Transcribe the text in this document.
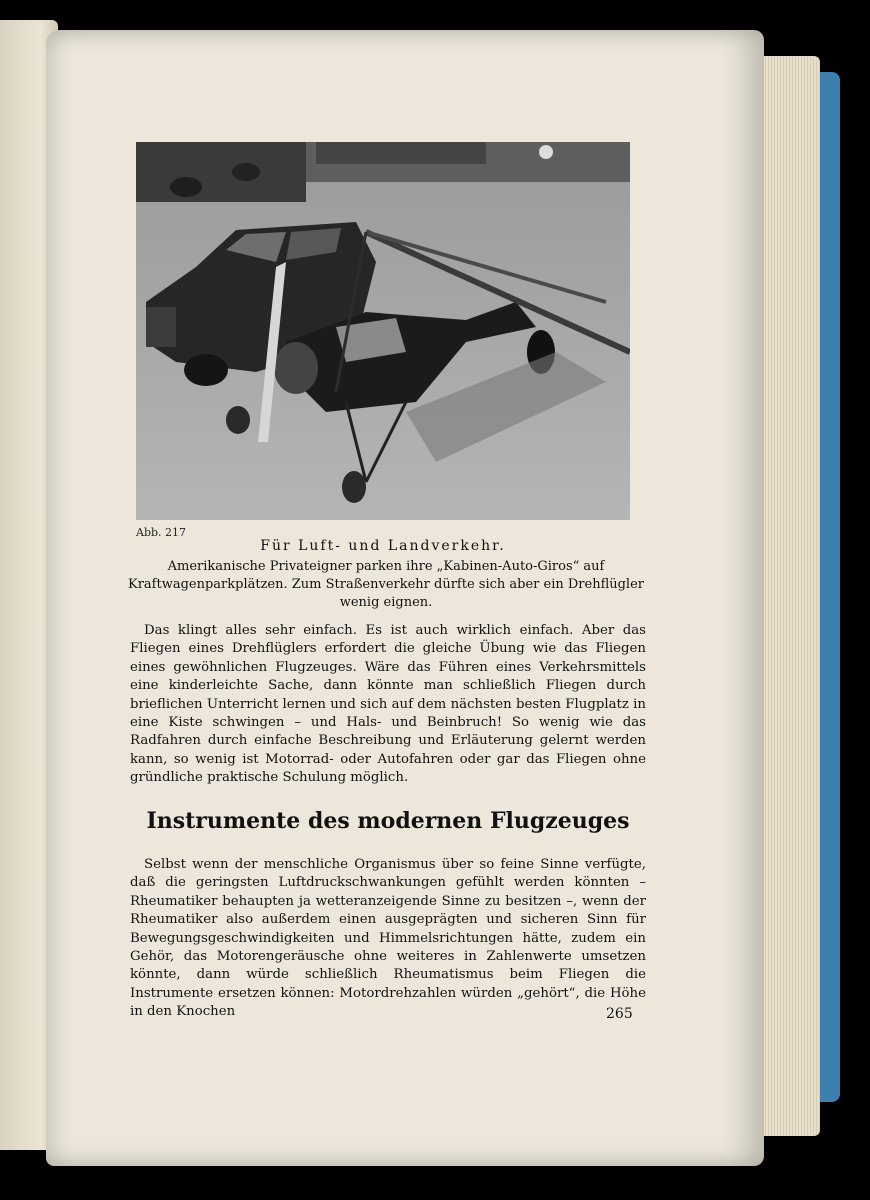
Abb. 217
Für Luft- und Landverkehr.
Amerikanische Privateigner parken ihre „Kabinen-Auto-Giros“ auf Kraftwagenparkplätzen. Zum Straßenverkehr dürfte sich aber ein Drehflügler wenig eignen.
Das klingt alles sehr einfach. Es ist auch wirklich einfach. Aber das Fliegen eines Drehflüglers erfordert die gleiche Übung wie das Fliegen eines gewöhnlichen Flugzeuges. Wäre das Führen eines Verkehrsmittels eine kinderleichte Sache, dann könnte man schließlich Fliegen durch brieflichen Unterricht lernen und sich auf dem nächsten besten Flugplatz in eine Kiste schwingen – und Hals- und Beinbruch! So wenig wie das Radfahren durch einfache Beschreibung und Erläuterung gelernt werden kann, so wenig ist Motorrad- oder Autofahren oder gar das Fliegen ohne gründliche praktische Schulung möglich.
Instrumente des modernen Flugzeuges
Selbst wenn der menschliche Organismus über so feine Sinne verfügte, daß die geringsten Luftdruckschwankungen gefühlt werden könnten – Rheumatiker behaupten ja wetteranzeigende Sinne zu besitzen –, wenn der Rheumatiker also außerdem einen ausgeprägten und sicheren Sinn für Bewegungsgeschwindigkeiten und Himmelsrichtungen hätte, zudem ein Gehör, das Motorengeräusche ohne weiteres in Zahlenwerte umsetzen könnte, dann würde schließlich Rheumatismus beim Fliegen die Instrumente ersetzen können: Motordrehzahlen würden „gehört“, die Höhe in den Knochen	265
